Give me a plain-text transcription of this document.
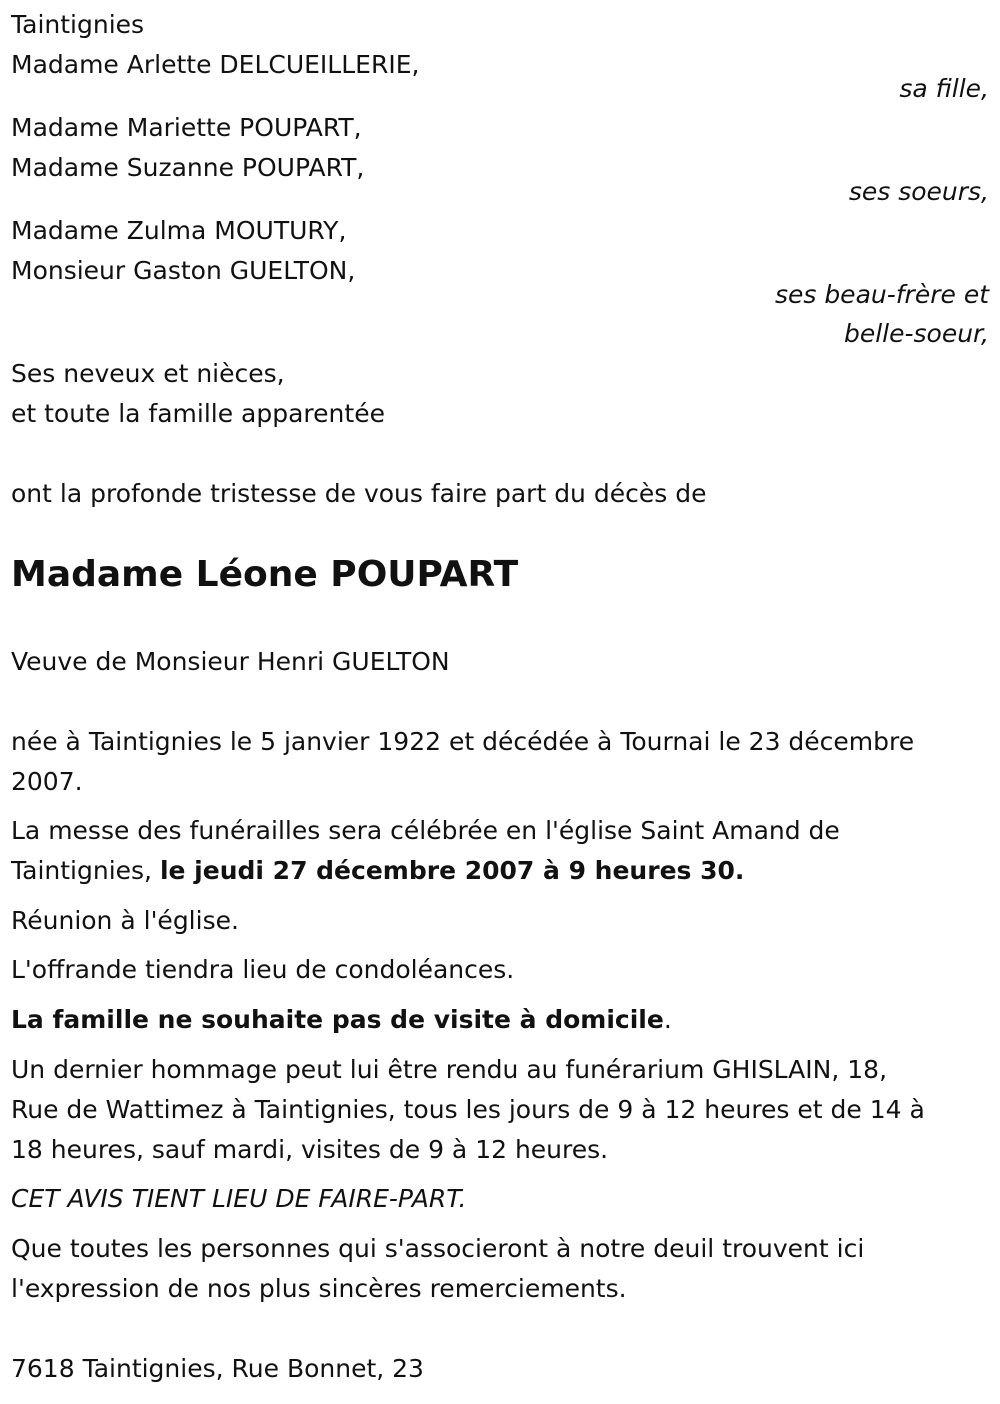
Taintignies
Madame Arlette DELCUEILLERIE,
sa fille,
Madame Mariette POUPART,
Madame Suzanne POUPART,
ses soeurs,
Madame Zulma MOUTURY,
Monsieur Gaston GUELTON,
ses beau-frère et
belle-soeur,
Ses neveux et nièces,
et toute la famille apparentée
ont la profonde tristesse de vous faire part du décès de
Madame Léone POUPART
Veuve de Monsieur Henri GUELTON
née à Taintignies le 5 janvier 1922 et décédée à Tournai le 23 décembre
2007.
La messe des funérailles sera célébrée en l'église Saint Amand de
Taintignies, le jeudi 27 décembre 2007 à 9 heures 30.
Réunion à l'église.
L'offrande tiendra lieu de condoléances.
La famille ne souhaite pas de visite à domicile.
Un dernier hommage peut lui être rendu au funérarium GHISLAIN, 18,
Rue de Wattimez à Taintignies, tous les jours de 9 à 12 heures et de 14 à
18 heures, sauf mardi, visites de 9 à 12 heures.
CET AVIS TIENT LIEU DE FAIRE-PART.
Que toutes les personnes qui s'associeront à notre deuil trouvent ici
l'expression de nos plus sincères remerciements.
7618 Taintignies, Rue Bonnet, 23
